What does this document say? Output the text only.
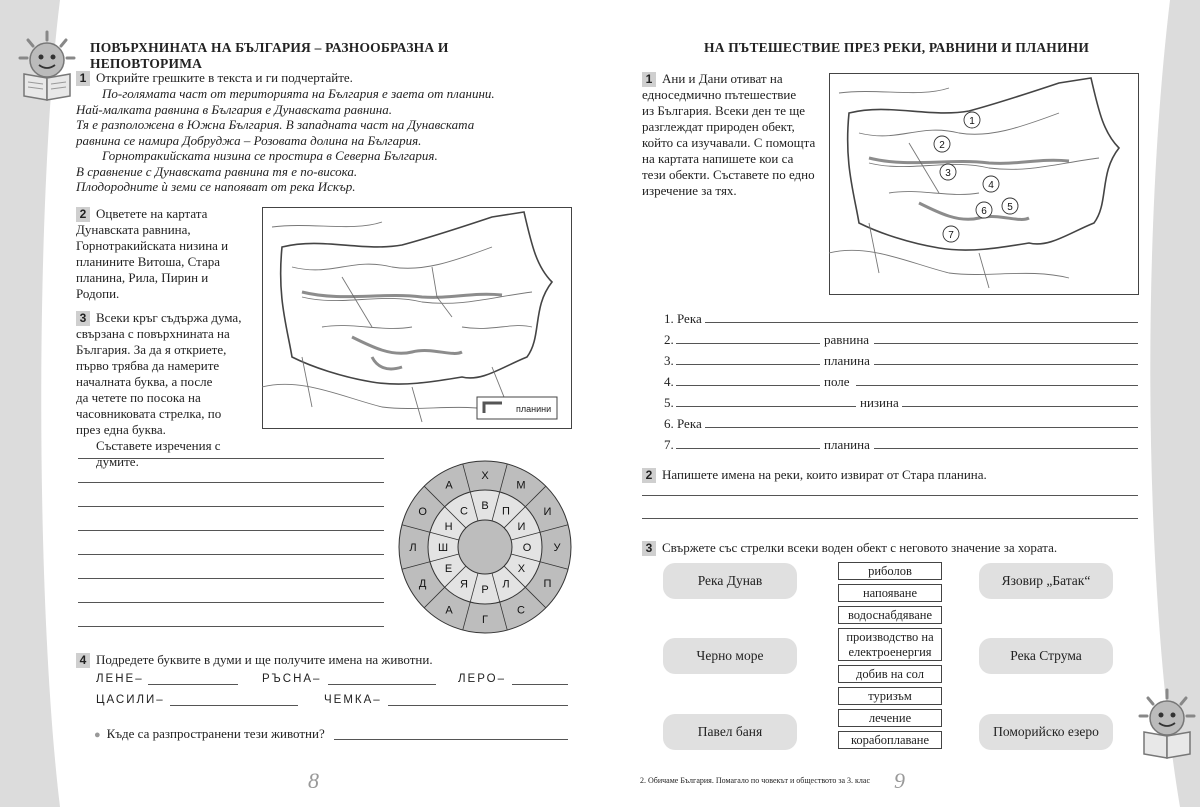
ПОВЪРХНИНАТА НА БЪЛГАРИЯ – РАЗНООБРАЗНА И НЕПОВТОРИМА
1 Открийте грешките в текста и ги подчертайте.
По-голямата част от територията на България е заета от планини.
Най-малката равнина в България е Дунавската равнина.
Тя е разположена в Южна България. В западната част на Дунавската
равнина се намира Добруджа – Розовата долина на България.
Горнотракийската низина се простира в Северна България.
В сравнение с Дунавската равнина тя е по-висока.
Плодородните ѝ земи се напояват от река Искър.
2 Оцветете на картата
Дунавската равнина,
Горнотракийската низина и
планините Витоша, Стара
планина, Рила, Пирин и
Родопи.
3 Всеки кръг съдържа дума,
свързана с повърхнината на
България. За да я откриете,
първо трябва да намерите
началната буква, а после
да четете по посока на
часовниковата стрелка, по
през една буква.
Съставете изречения с думите.
планини
Х
М
И
У
П
С
Г
А
Д
Л
О
А
В П
И
О
Х
Л
Р
Я
Е
Ш
Н
С
4 Подредете буквите в думи и ще получите имена на животни.
ЛЕНЕ–	РЪСНА–	ЛЕРО–
ЦАСИЛИ–	ЧЕМКА–
● Къде са разпространени тези животни?
8
НА ПЪТЕШЕСТВИЕ ПРЕЗ РЕКИ, РАВНИНИ И ПЛАНИНИ
1 Ани и Дани отиват на
едноседмично пътешествие
из България. Всеки ден те ще
разглеждат природен обект,
който са изучавали. С помощта
на картата напишете кои са
тези обекти. Съставете по едно
изречение за тях.
1
2
3
4
5
6
7
1. Река
2.	равнина
3.	планина
4.	поле
5.	низина
6. Река
7.	планина
2 Напишете имена на реки, които извират от Стара планина.
3 Свържете със стрелки всеки воден обект с неговото значение за хората.
Река Дунав
Черно море
Павел баня
Язовир „Батак“
Река Струма
Поморийско езеро
риболов
напояване
водоснабдяване
производство на електроенергия
добив на сол
туризъм
лечение
корабоплаване
2. Обичаме България. Помагало по човекът и обществото за 3. клас 9
